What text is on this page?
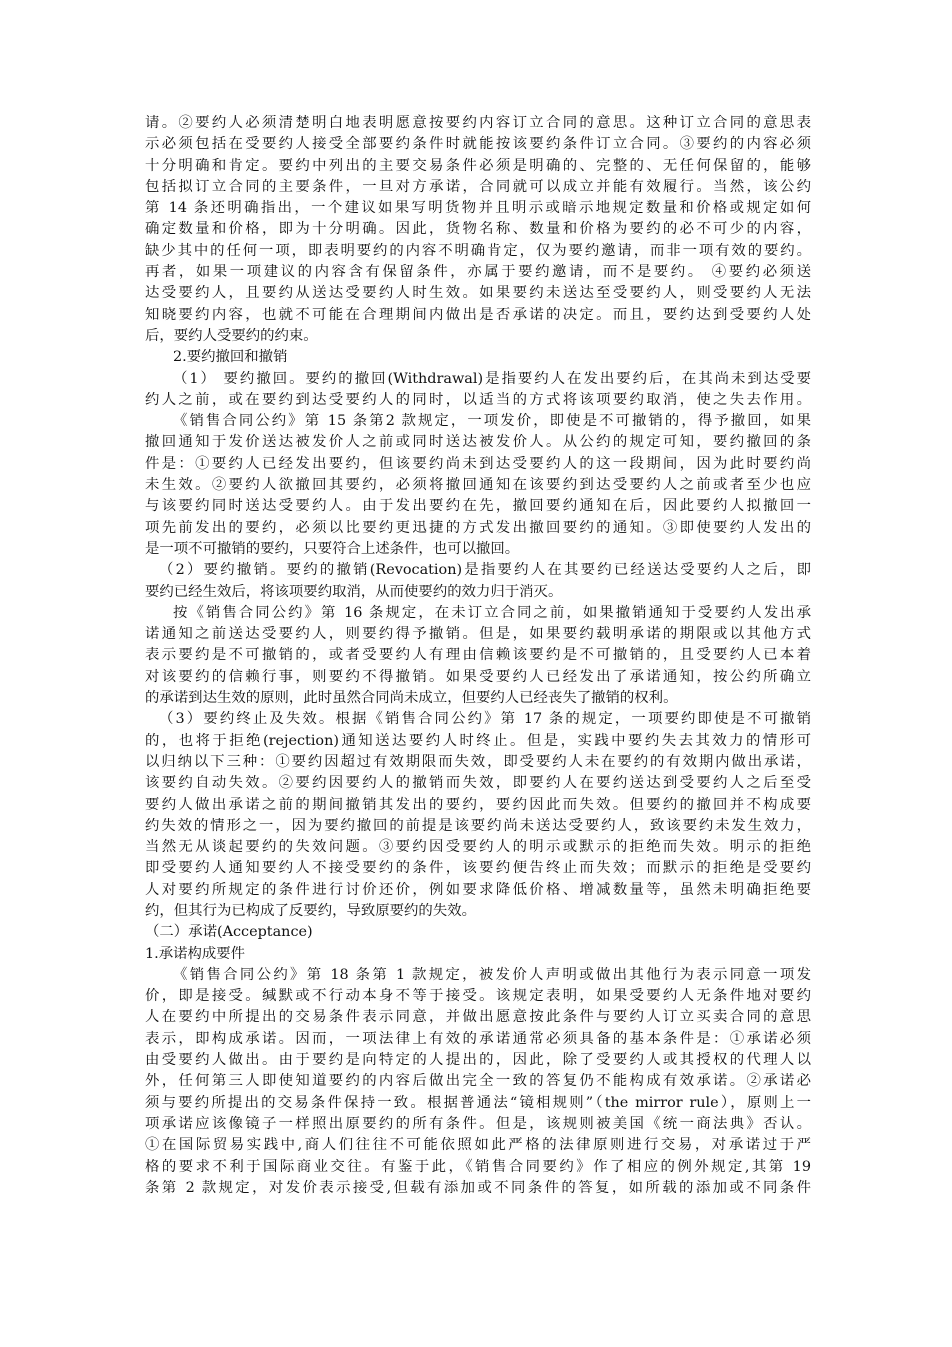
请。②要约人必须清楚明白地表明愿意按要约内容订立合同的意思。这种订立合同的意思表
示必须包括在受要约人接受全部要约条件时就能按该要约条件订立合同。③要约的内容必须
十分明确和肯定。要约中列出的主要交易条件必须是明确的、完整的、无任何保留的，能够
包括拟订立合同的主要条件，一旦对方承诺，合同就可以成立并能有效履行。当然，该公约
第 14 条还明确指出，一个建议如果写明货物并且明示或暗示地规定数量和价格或规定如何
确定数量和价格，即为十分明确。因此，货物名称、数量和价格为要约的必不可少的内容，
缺少其中的任何一项，即表明要约的内容不明确肯定，仅为要约邀请，而非一项有效的要约。
再者，如果一项建议的内容含有保留条件，亦属于要约邀请，而不是要约。 ④要约必须送
达受要约人，且要约从送达受要约人时生效。如果要约未送达至受要约人，则受要约人无法
知晓要约内容，也就不可能在合理期间内做出是否承诺的决定。而且，要约达到受要约人处
后，要约人受要约的约束。
2.要约撤回和撤销
（1） 要约撤回。要约的撤回(Withdrawal)是指要约人在发出要约后，在其尚未到达受要
约人之前，或在要约到达受要约人的同时，以适当的方式将该项要约取消，使之失去作用。
《销售合同公约》第 15 条第2 款规定，一项发价，即使是不可撤销的，得予撤回，如果
撤回通知于发价送达被发价人之前或同时送达被发价人。从公约的规定可知，要约撤回的条
件是：①要约人已经发出要约，但该要约尚未到达受要约人的这一段期间，因为此时要约尚
未生效。②要约人欲撤回其要约，必须将撤回通知在该要约到达受要约人之前或者至少也应
与该要约同时送达受要约人。由于发出要约在先，撤回要约通知在后，因此要约人拟撤回一
项先前发出的要约，必须以比要约更迅捷的方式发出撤回要约的通知。③即使要约人发出的
是一项不可撤销的要约，只要符合上述条件，也可以撤回。
（2）要约撤销。要约的撤销(Revocation)是指要约人在其要约已经送达受要约人之后，即
要约已经生效后，将该项要约取消，从而使要约的效力归于消灭。
按《销售合同公约》第 16 条规定，在未订立合同之前，如果撤销通知于受要约人发出承
诺通知之前送达受要约人，则要约得予撤销。但是，如果要约载明承诺的期限或以其他方式
表示要约是不可撤销的，或者受要约人有理由信赖该要约是不可撤销的，且受要约人已本着
对该要约的信赖行事，则要约不得撤销。如果受要约人已经发出了承诺通知，按公约所确立
的承诺到达生效的原则，此时虽然合同尚未成立，但要约人已经丧失了撤销的权利。
（3）要约终止及失效。根据《销售合同公约》第 17 条的规定，一项要约即使是不可撤销
的，也将于拒绝(rejection)通知送达要约人时终止。但是，实践中要约失去其效力的情形可
以归纳以下三种：①要约因超过有效期限而失效，即受要约人未在要约的有效期内做出承诺，
该要约自动失效。②要约因要约人的撤销而失效，即要约人在要约送达到受要约人之后至受
要约人做出承诺之前的期间撤销其发出的要约，要约因此而失效。但要约的撤回并不构成要
约失效的情形之一，因为要约撤回的前提是该要约尚未送达受要约人，致该要约未发生效力，
当然无从谈起要约的失效问题。③要约因受要约人的明示或默示的拒绝而失效。明示的拒绝
即受要约人通知要约人不接受要约的条件，该要约便告终止而失效；而默示的拒绝是受要约
人对要约所规定的条件进行讨价还价，例如要求降低价格、增减数量等，虽然未明确拒绝要
约，但其行为已构成了反要约，导致原要约的失效。
（二）承诺(Acceptance)
1.承诺构成要件
《销售合同公约》第 18 条第 1 款规定，被发价人声明或做出其他行为表示同意一项发
价，即是接受。缄默或不行动本身不等于接受。该规定表明，如果受要约人无条件地对要约
人在要约中所提出的交易条件表示同意，并做出愿意按此条件与要约人订立买卖合同的意思
表示，即构成承诺。因而，一项法律上有效的承诺通常必须具备的基本条件是：①承诺必须
由受要约人做出。由于要约是向特定的人提出的，因此，除了受要约人或其授权的代理人以
外，任何第三人即使知道要约的内容后做出完全一致的答复仍不能构成有效承诺。②承诺必
须与要约所提出的交易条件保持一致。根据普通法“镜相规则”（the mirror rule），原则上一
项承诺应该像镜子一样照出原要约的所有条件。但是，该规则被美国《统一商法典》否认。
①在国际贸易实践中,商人们往往不可能依照如此严格的法律原则进行交易，对承诺过于严
格的要求不利于国际商业交往。有鉴于此，《销售合同要约》作了相应的例外规定,其第 19
条第 2 款规定，对发价表示接受,但载有添加或不同条件的答复，如所载的添加或不同条件
